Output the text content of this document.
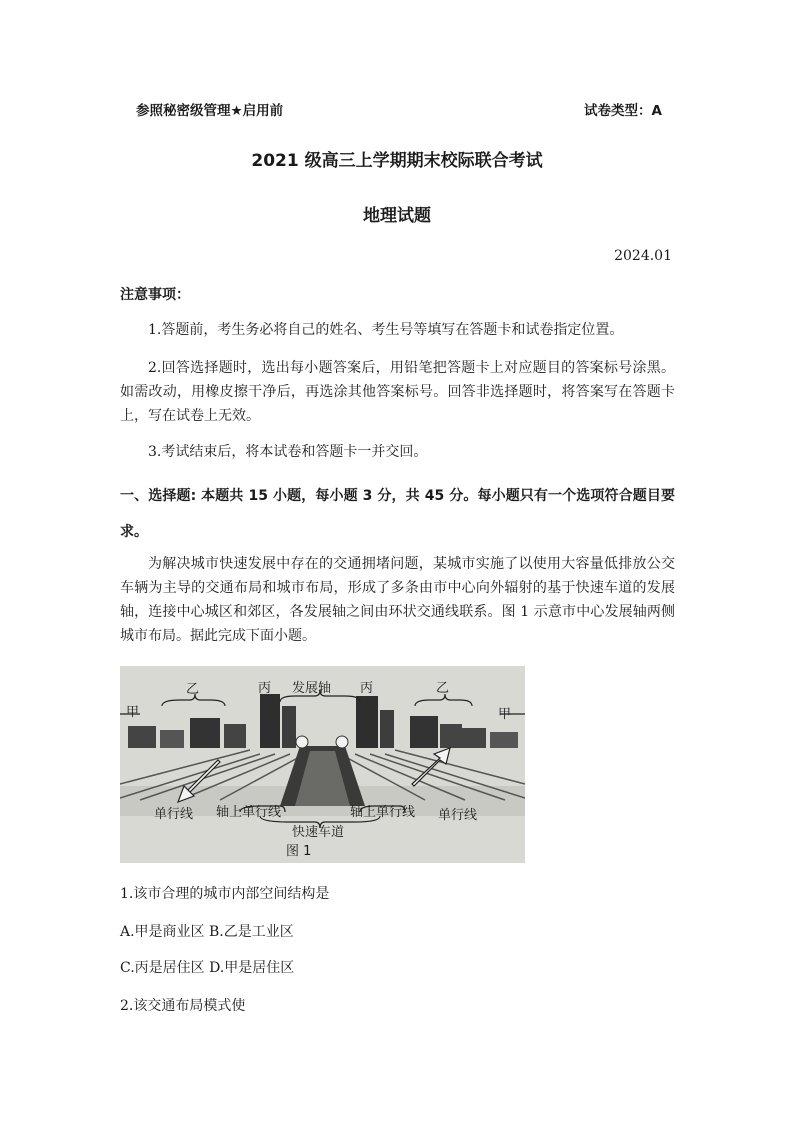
参照秘密级管理★启用前	试卷类型：A
2021 级高三上学期期末校际联合考试
地理试题
2024.01
注意事项：
1.答题前，考生务必将自己的姓名、考生号等填写在答题卡和试卷指定位置。
2.回答选择题时，选出每小题答案后，用铅笔把答题卡上对应题目的答案标号涂黑。如需改动，用橡皮擦干净后，再选涂其他答案标号。回答非选择题时，将答案写在答题卡上，写在试卷上无效。
3.考试结束后，将本试卷和答题卡一并交回。
一、选择题: 本题共 15 小题，每小题 3 分，共 45 分。每小题只有一个选项符合题目要求。
为解决城市快速发展中存在的交通拥堵问题，某城市实施了以使用大容量低排放公交车辆为主导的交通布局和城市布局，形成了多条由市中心向外辐射的基于快速车道的发展轴，连接中心城区和郊区，各发展轴之间由环状交通线联系。图 1 示意市中心发展轴两侧城市布局。据此完成下面小题。
甲
乙	丙 发展轴 丙	乙
甲
单行线 轴上单行线
快速车道
轴上单行线 单行线
图 1
1.该市合理的城市内部空间结构是
A.甲是商业区 B.乙是工业区
C.丙是居住区 D.甲是居住区
2.该交通布局模式使
